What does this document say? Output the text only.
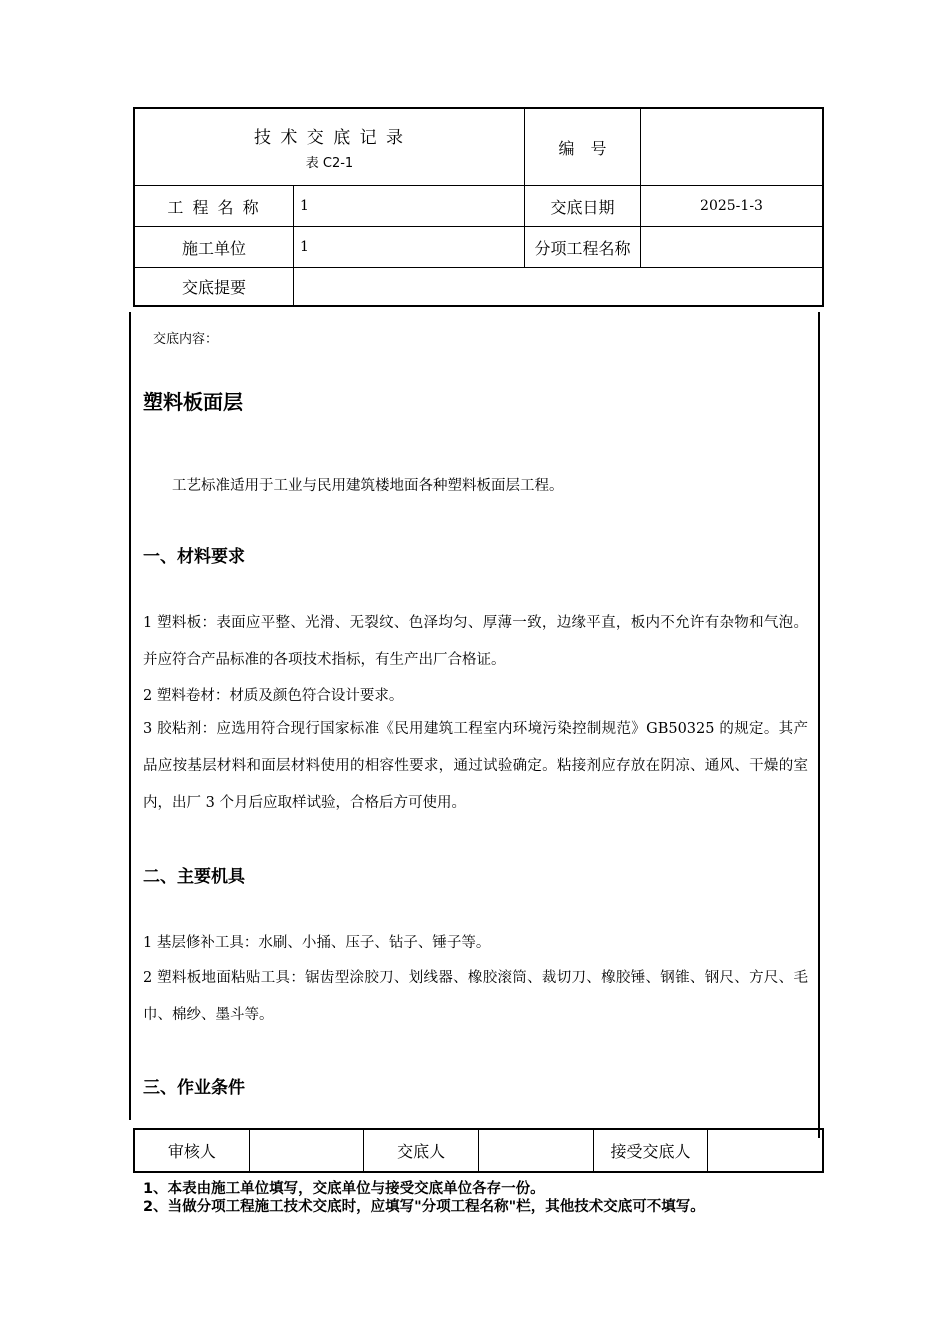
技 术 交 底 记 录
表 C2-1
编　号
工 程 名 称	1	交底日期	2025-1-3
施工单位	1	分项工程名称
交底提要
交底内容：
塑料板面层
工艺标准适用于工业与民用建筑楼地面各种塑料板面层工程。
一、材料要求
1 塑料板：表面应平整、光滑、无裂纹、色泽均匀、厚薄一致，边缘平直，板内不允许有杂物和气泡。并应符合产品标准的各项技术指标，有生产出厂合格证。
2 塑料卷材：材质及颜色符合设计要求。
3 胶粘剂：应选用符合现行国家标准《民用建筑工程室内环境污染控制规范》GB50325 的规定。其产品应按基层材料和面层材料使用的相容性要求，通过试验确定。粘接剂应存放在阴凉、通风、干燥的室内，出厂 3 个月后应取样试验，合格后方可使用。
二、主要机具
1 基层修补工具：水刷、小捅、压子、钻子、锤子等。
2 塑料板地面粘贴工具：锯齿型涂胶刀、划线器、橡胶滚筒、裁切刀、橡胶锤、钢锥、钢尺、方尺、毛巾、棉纱、墨斗等。
三、作业条件
审核人	交底人	接受交底人
1、本表由施工单位填写，交底单位与接受交底单位各存一份。
2、当做分项工程施工技术交底时，应填写"分项工程名称"栏，其他技术交底可不填写。
